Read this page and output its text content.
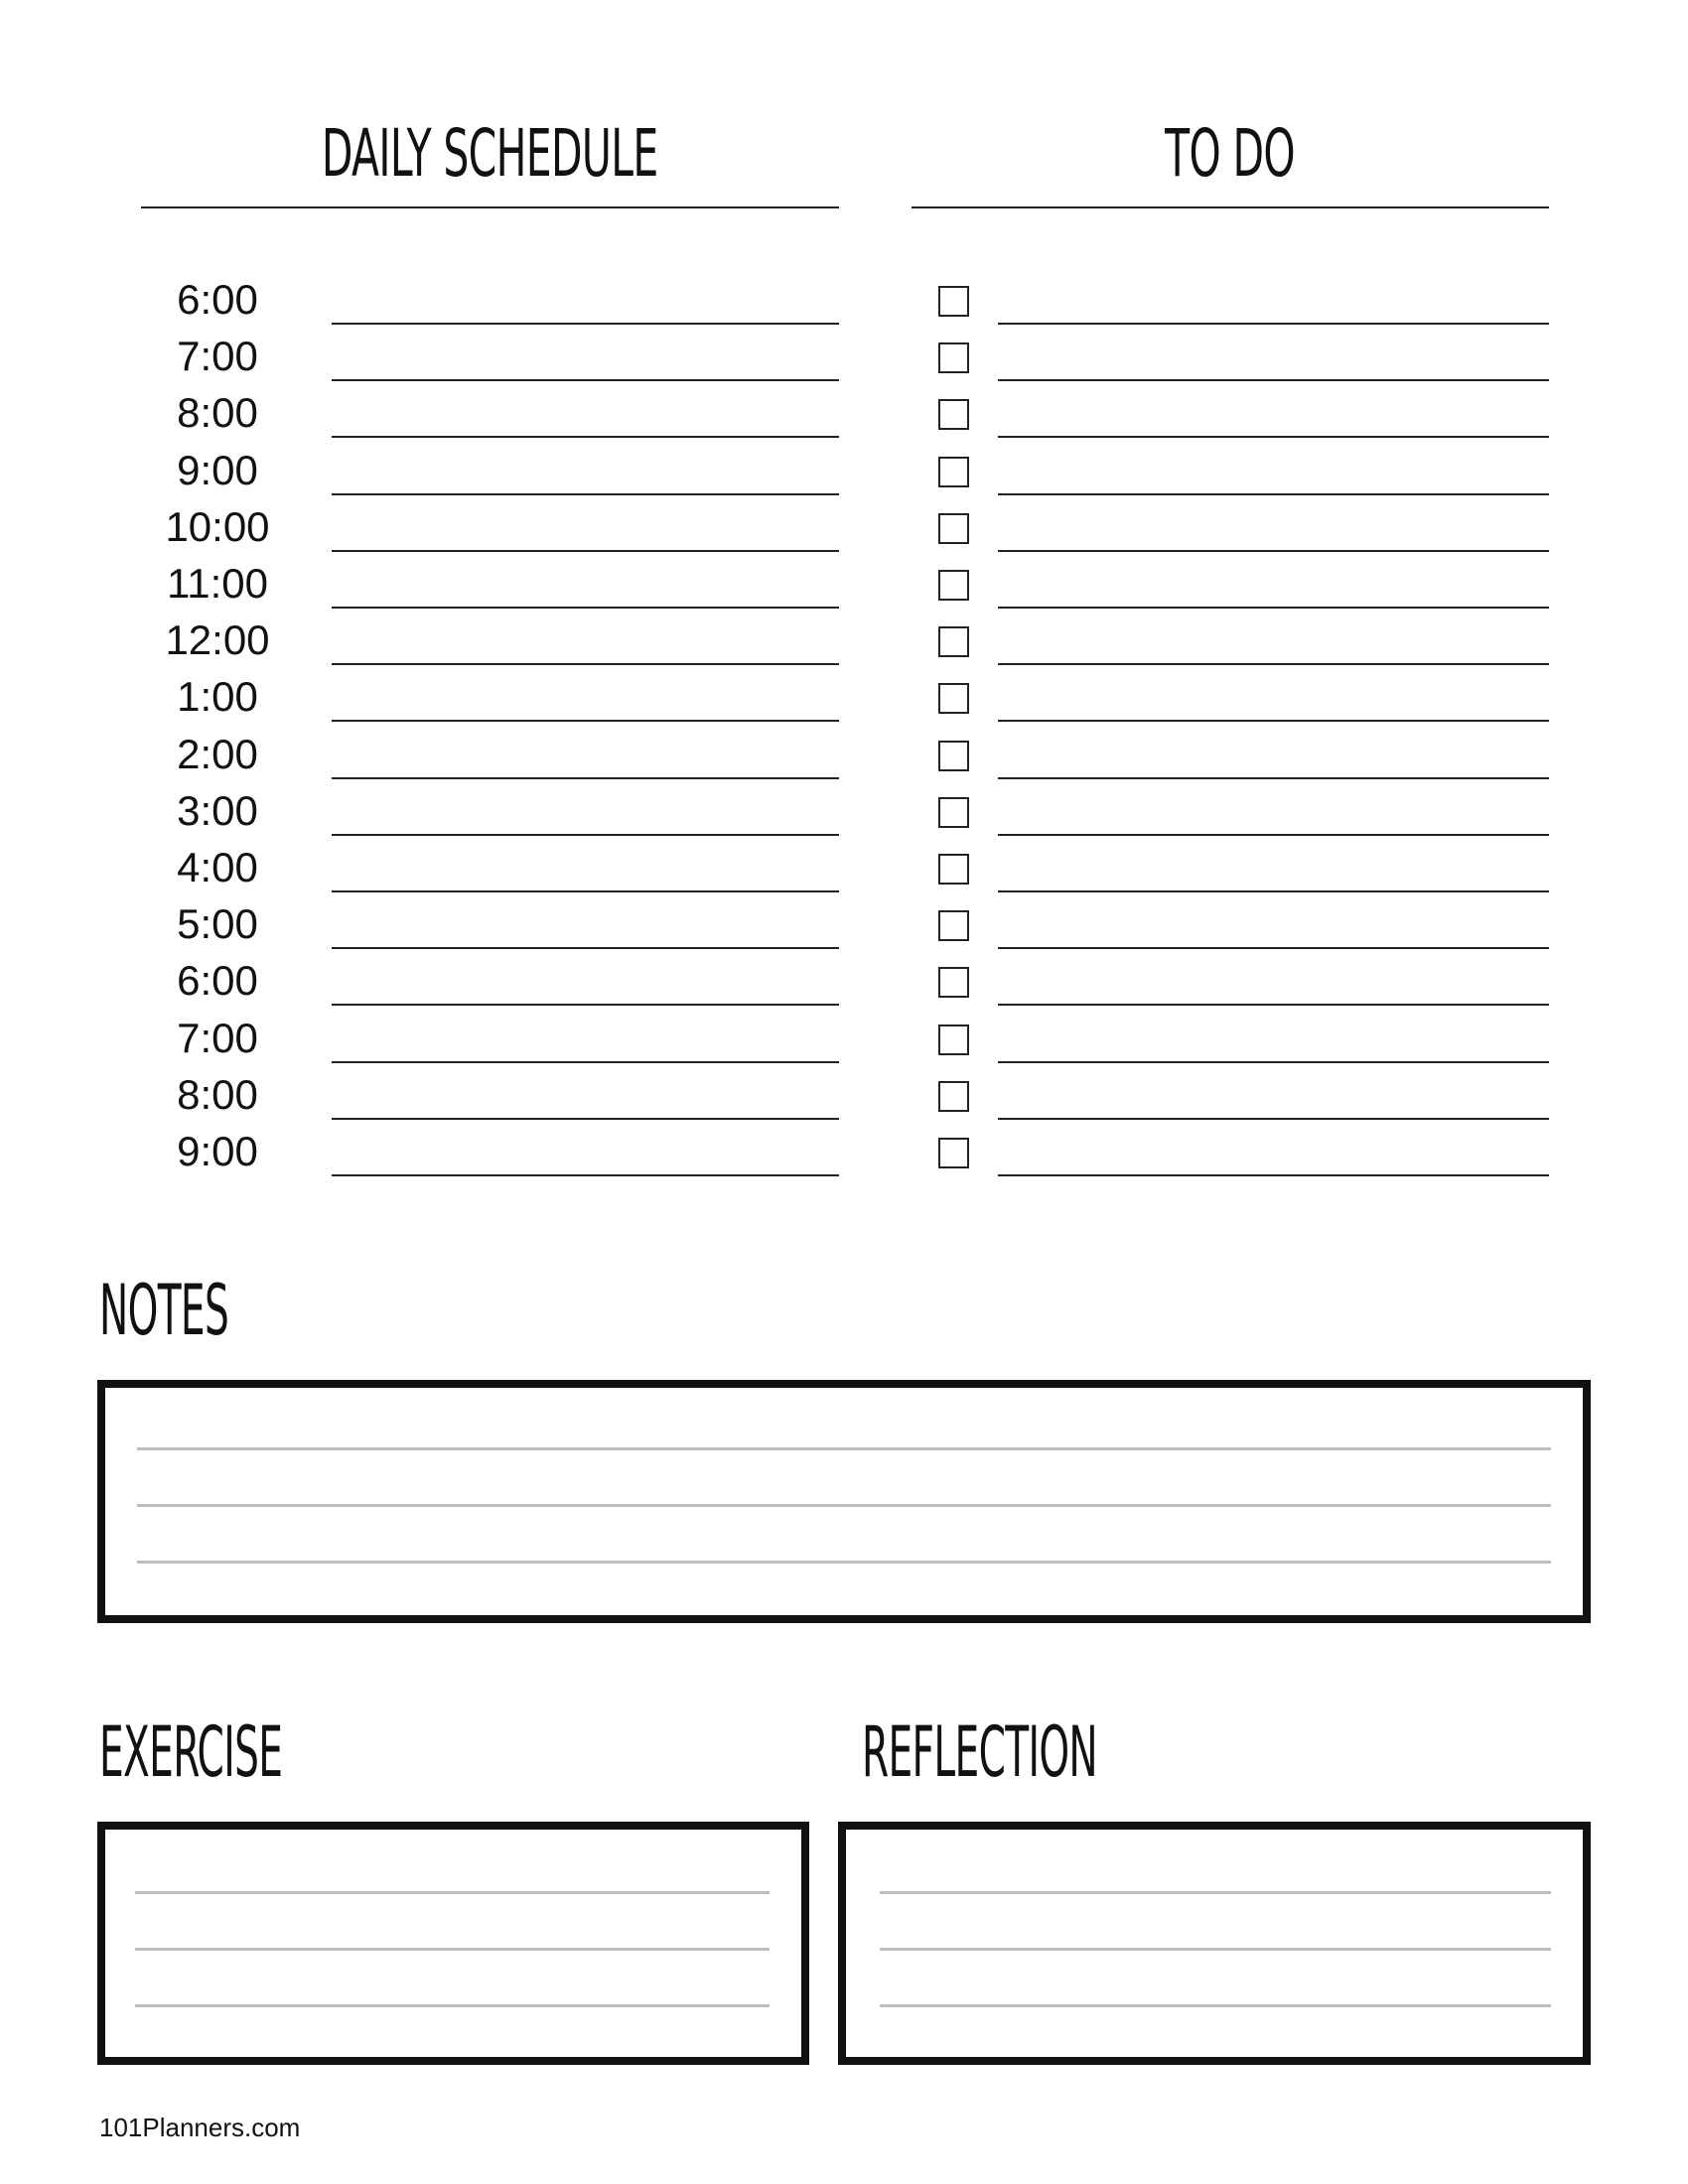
DAILY SCHEDULE	TO DO
6:00
7:00
8:00
9:00
10:00
11:00
12:00
1:00
2:00
3:00
4:00
5:00
6:00
7:00
8:00
9:00
NOTES
EXERCISE	REFLECTION
101Planners.com
